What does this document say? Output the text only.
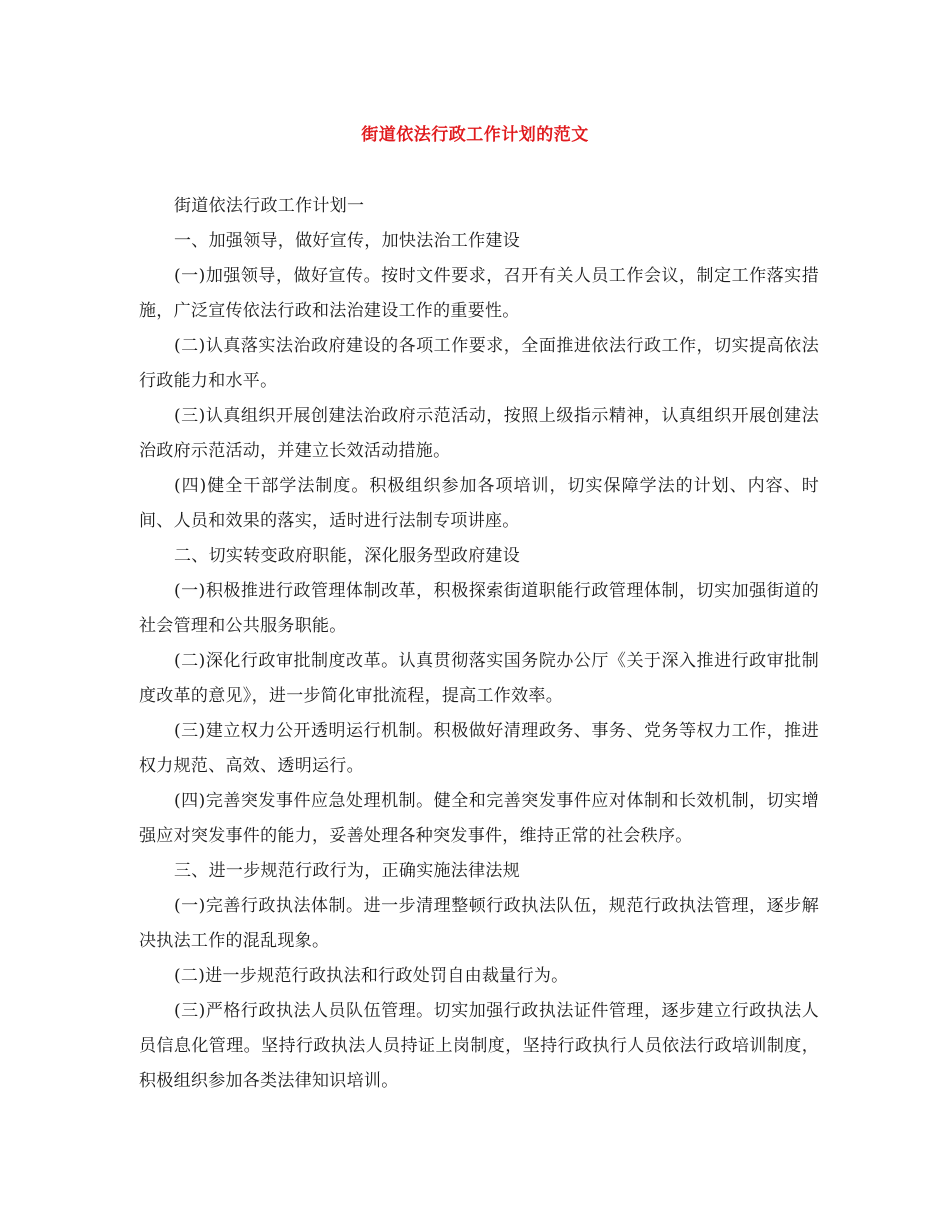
街道依法行政工作计划的范文

街道依法行政工作计划一

一、加强领导，做好宣传，加快法治工作建设

(一)加强领导，做好宣传。按时文件要求，召开有关人员工作会议，制定工作落实措施，广泛宣传依法行政和法治建设工作的重要性。

(二)认真落实法治政府建设的各项工作要求，全面推进依法行政工作，切实提高依法行政能力和水平。

(三)认真组织开展创建法治政府示范活动，按照上级指示精神，认真组织开展创建法治政府示范活动，并建立长效活动措施。

(四)健全干部学法制度。积极组织参加各项培训，切实保障学法的计划、内容、时间、人员和效果的落实，适时进行法制专项讲座。

二、切实转变政府职能，深化服务型政府建设

(一)积极推进行政管理体制改革，积极探索街道职能行政管理体制，切实加强街道的社会管理和公共服务职能。

(二)深化行政审批制度改革。认真贯彻落实国务院办公厅《关于深入推进行政审批制度改革的意见》，进一步简化审批流程，提高工作效率。

(三)建立权力公开透明运行机制。积极做好清理政务、事务、党务等权力工作，推进权力规范、高效、透明运行。

(四)完善突发事件应急处理机制。健全和完善突发事件应对体制和长效机制，切实增强应对突发事件的能力，妥善处理各种突发事件，维持正常的社会秩序。

三、进一步规范行政行为，正确实施法律法规

(一)完善行政执法体制。进一步清理整顿行政执法队伍，规范行政执法管理，逐步解决执法工作的混乱现象。

(二)进一步规范行政执法和行政处罚自由裁量行为。

(三)严格行政执法人员队伍管理。切实加强行政执法证件管理，逐步建立行政执法人员信息化管理。坚持行政执法人员持证上岗制度，坚持行政执行人员依法行政培训制度，积极组织参加各类法律知识培训。
